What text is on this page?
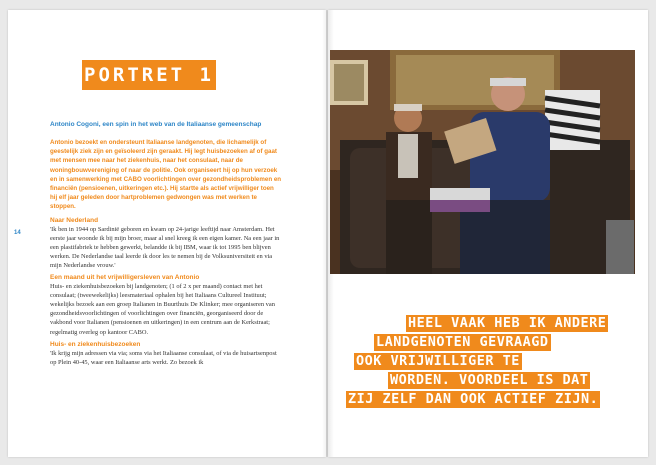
PORTRET 1
14

Antonio Cogoni, een spin in het web van de Italiaanse gemeenschap

Antonio bezoekt en ondersteunt Italiaanse landgenoten, die lichamelijk of geestelijk ziek zijn en geïsoleerd zijn geraakt. Hij legt huisbezoeken af of gaat met mensen mee naar het ziekenhuis, naar het consulaat, naar de woningbouwvereniging of naar de politie. Ook organiseert hij op hun verzoek en in samenwerking met CABO voorlichtingen over gezondheidsproblemen en financiën (pensioenen, uitkeringen etc.). Hij startte als actief vrijwilliger toen hij elf jaar geleden door hartproblemen gedwongen was met werken te stoppen.

Naar Nederland

'Ik ben in 1944 op Sardinië geboren en kwam op 24-jarige leeftijd naar Amsterdam. Het eerste jaar woonde ik bij mijn broer, maar al snel kreeg ik een eigen kamer. Na een jaar in een plastifabriek te hebben gewerkt, belandde ik bij IBM, waar ik tot 1995 ben blijven werken. De Nederlandse taal leerde ik door les te nemen bij de Volksuniversiteit en via mijn Nederlandse vrouw.'

Een maand uit het vrijwilligersleven van Antonio

Huis- en ziekenhuisbezoeken bij landgenoten; (1 of 2 x per maand) contact met het consulaat; (tweewekelijks) leesmateriaal ophalen bij het Italiaans Cultureel Instituut; wekelijks bezoek aan een groep Italianen in Buurthuis De Klinker; mee organiseren van gezondheidsvoorlichtingen of voorlichtingen over financiën, georganiseerd door de vakbond voor Italianen (pensioenen en uitkeringen) in een centrum aan de Kerkstraat; regelmatig overleg op kantoor CABO.

Huis- en ziekenhuisbezoeken

'Ik krijg mijn adressen via via; soms via het Italiaanse consulaat, of via de huisartsenpost op Plein 40-45, waar een Italiaanse arts werkt. Zo bezoek ik

HEEL VAAK HEB IK ANDERE
LANDGENOTEN GEVRAAGD
OOK VRIJWILLIGER TE
WORDEN. VOORDEEL IS DAT
ZIJ ZELF DAN OOK ACTIEF ZIJN.
